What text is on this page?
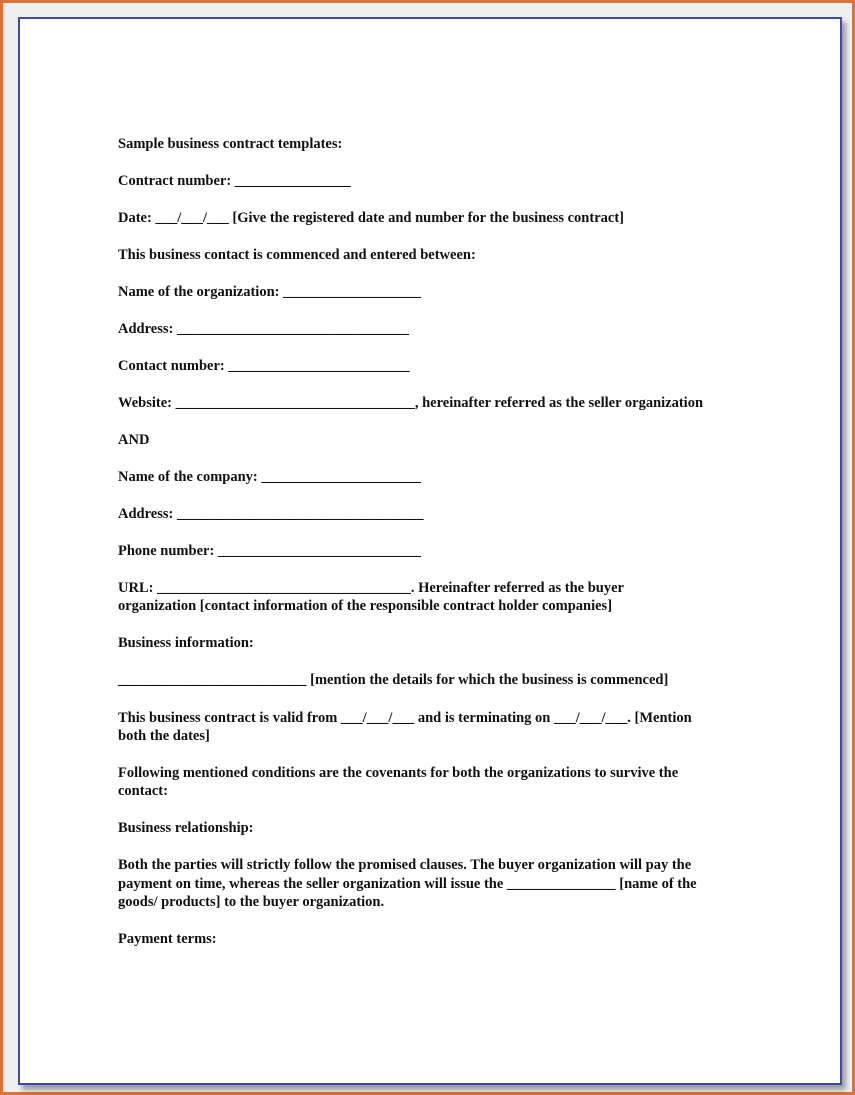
Sample business contract templates:

Contract number: ________________

Date: ___/___/___ [Give the registered date and number for the business contract]

This business contact is commenced and entered between:

Name of the organization: ___________________

Address: ________________________________

Contact number: _________________________

Website: _________________________________, hereinafter referred as the seller organization

AND

Name of the company: ______________________

Address: __________________________________

Phone number: ____________________________

URL: ___________________________________. Hereinafter referred as the buyer

organization [contact information of the responsible contract holder companies]

Business information:

__________________________ [mention the details for which the business is commenced]

This business contract is valid from ___/___/___ and is terminating on ___/___/___. [Mention

both the dates]

Following mentioned conditions are the covenants for both the organizations to survive the

contact:

Business relationship:

Both the parties will strictly follow the promised clauses. The buyer organization will pay the

payment on time, whereas the seller organization will issue the _______________ [name of the

goods/ products] to the buyer organization.

Payment terms:
